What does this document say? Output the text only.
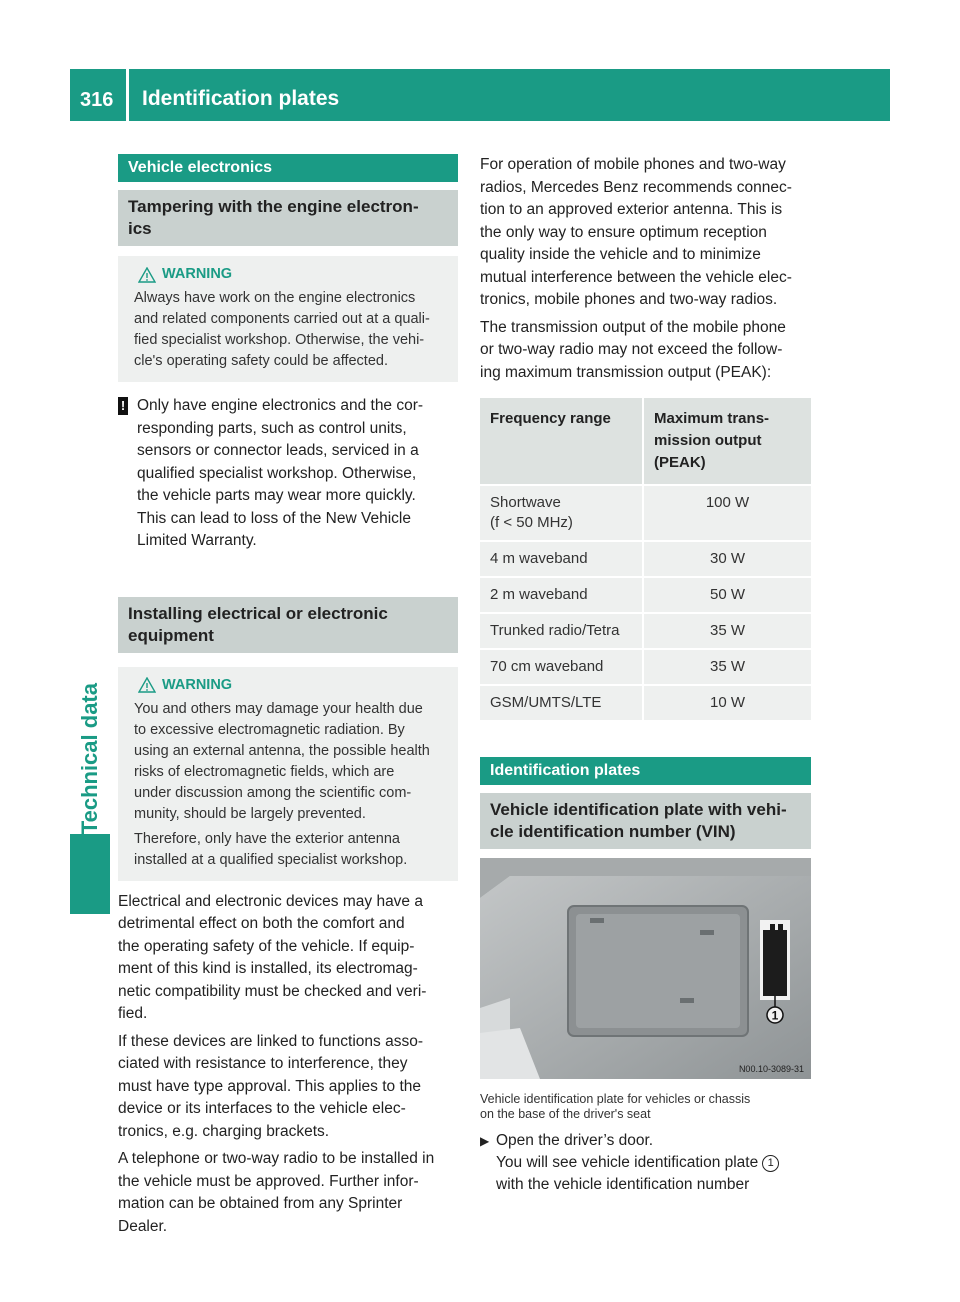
316 Identification plates
Technical data
Vehicle electronics
Tampering with the engine electron-
ics
WARNING
Always have work on the engine electronics
and related components carried out at a quali-
fied specialist workshop. Otherwise, the vehi-
cle's operating safety could be affected.
! Only have engine electronics and the cor-
responding parts, such as control units,
sensors or connector leads, serviced in a
qualified specialist workshop. Otherwise,
the vehicle parts may wear more quickly.
This can lead to loss of the New Vehicle
Limited Warranty.
Installing electrical or electronic
equipment
WARNING
You and others may damage your health due
to excessive electromagnetic radiation. By
using an external antenna, the possible health
risks of electromagnetic fields, which are
under discussion among the scientific com-
munity, should be largely prevented.
Therefore, only have the exterior antenna
installed at a qualified specialist workshop.
Electrical and electronic devices may have a
detrimental effect on both the comfort and
the operating safety of the vehicle. If equip-
ment of this kind is installed, its electromag-
netic compatibility must be checked and veri-
fied.
If these devices are linked to functions asso-
ciated with resistance to interference, they
must have type approval. This applies to the
device or its interfaces to the vehicle elec-
tronics, e.g. charging brackets.
A telephone or two-way radio to be installed in
the vehicle must be approved. Further infor-
mation can be obtained from any Sprinter
Dealer.
For operation of mobile phones and two-way
radios, Mercedes Benz recommends connec-
tion to an approved exterior antenna. This is
the only way to ensure optimum reception
quality inside the vehicle and to minimize
mutual interference between the vehicle elec-
tronics, mobile phones and two-way radios.
The transmission output of the mobile phone
or two-way radio may not exceed the follow-
ing maximum transmission output (PEAK):
Frequency range	Maximum trans-
mission output
(PEAK)

Shortwave
(f < 50 MHz)	100 W

4 m waveband	30 W

2 m waveband	50 W

Trunked radio/Tetra	35 W

70 cm waveband	35 W

GSM/UMTS/LTE	10 W
Identification plates
Vehicle identification plate with vehi-
cle identification number (VIN)
1
N00.10-3089-31
Vehicle identification plate for vehicles or chassis
on the base of the driver's seat
▶ Open the driver’s door.
You will see vehicle identification plate 1
with the vehicle identification number
